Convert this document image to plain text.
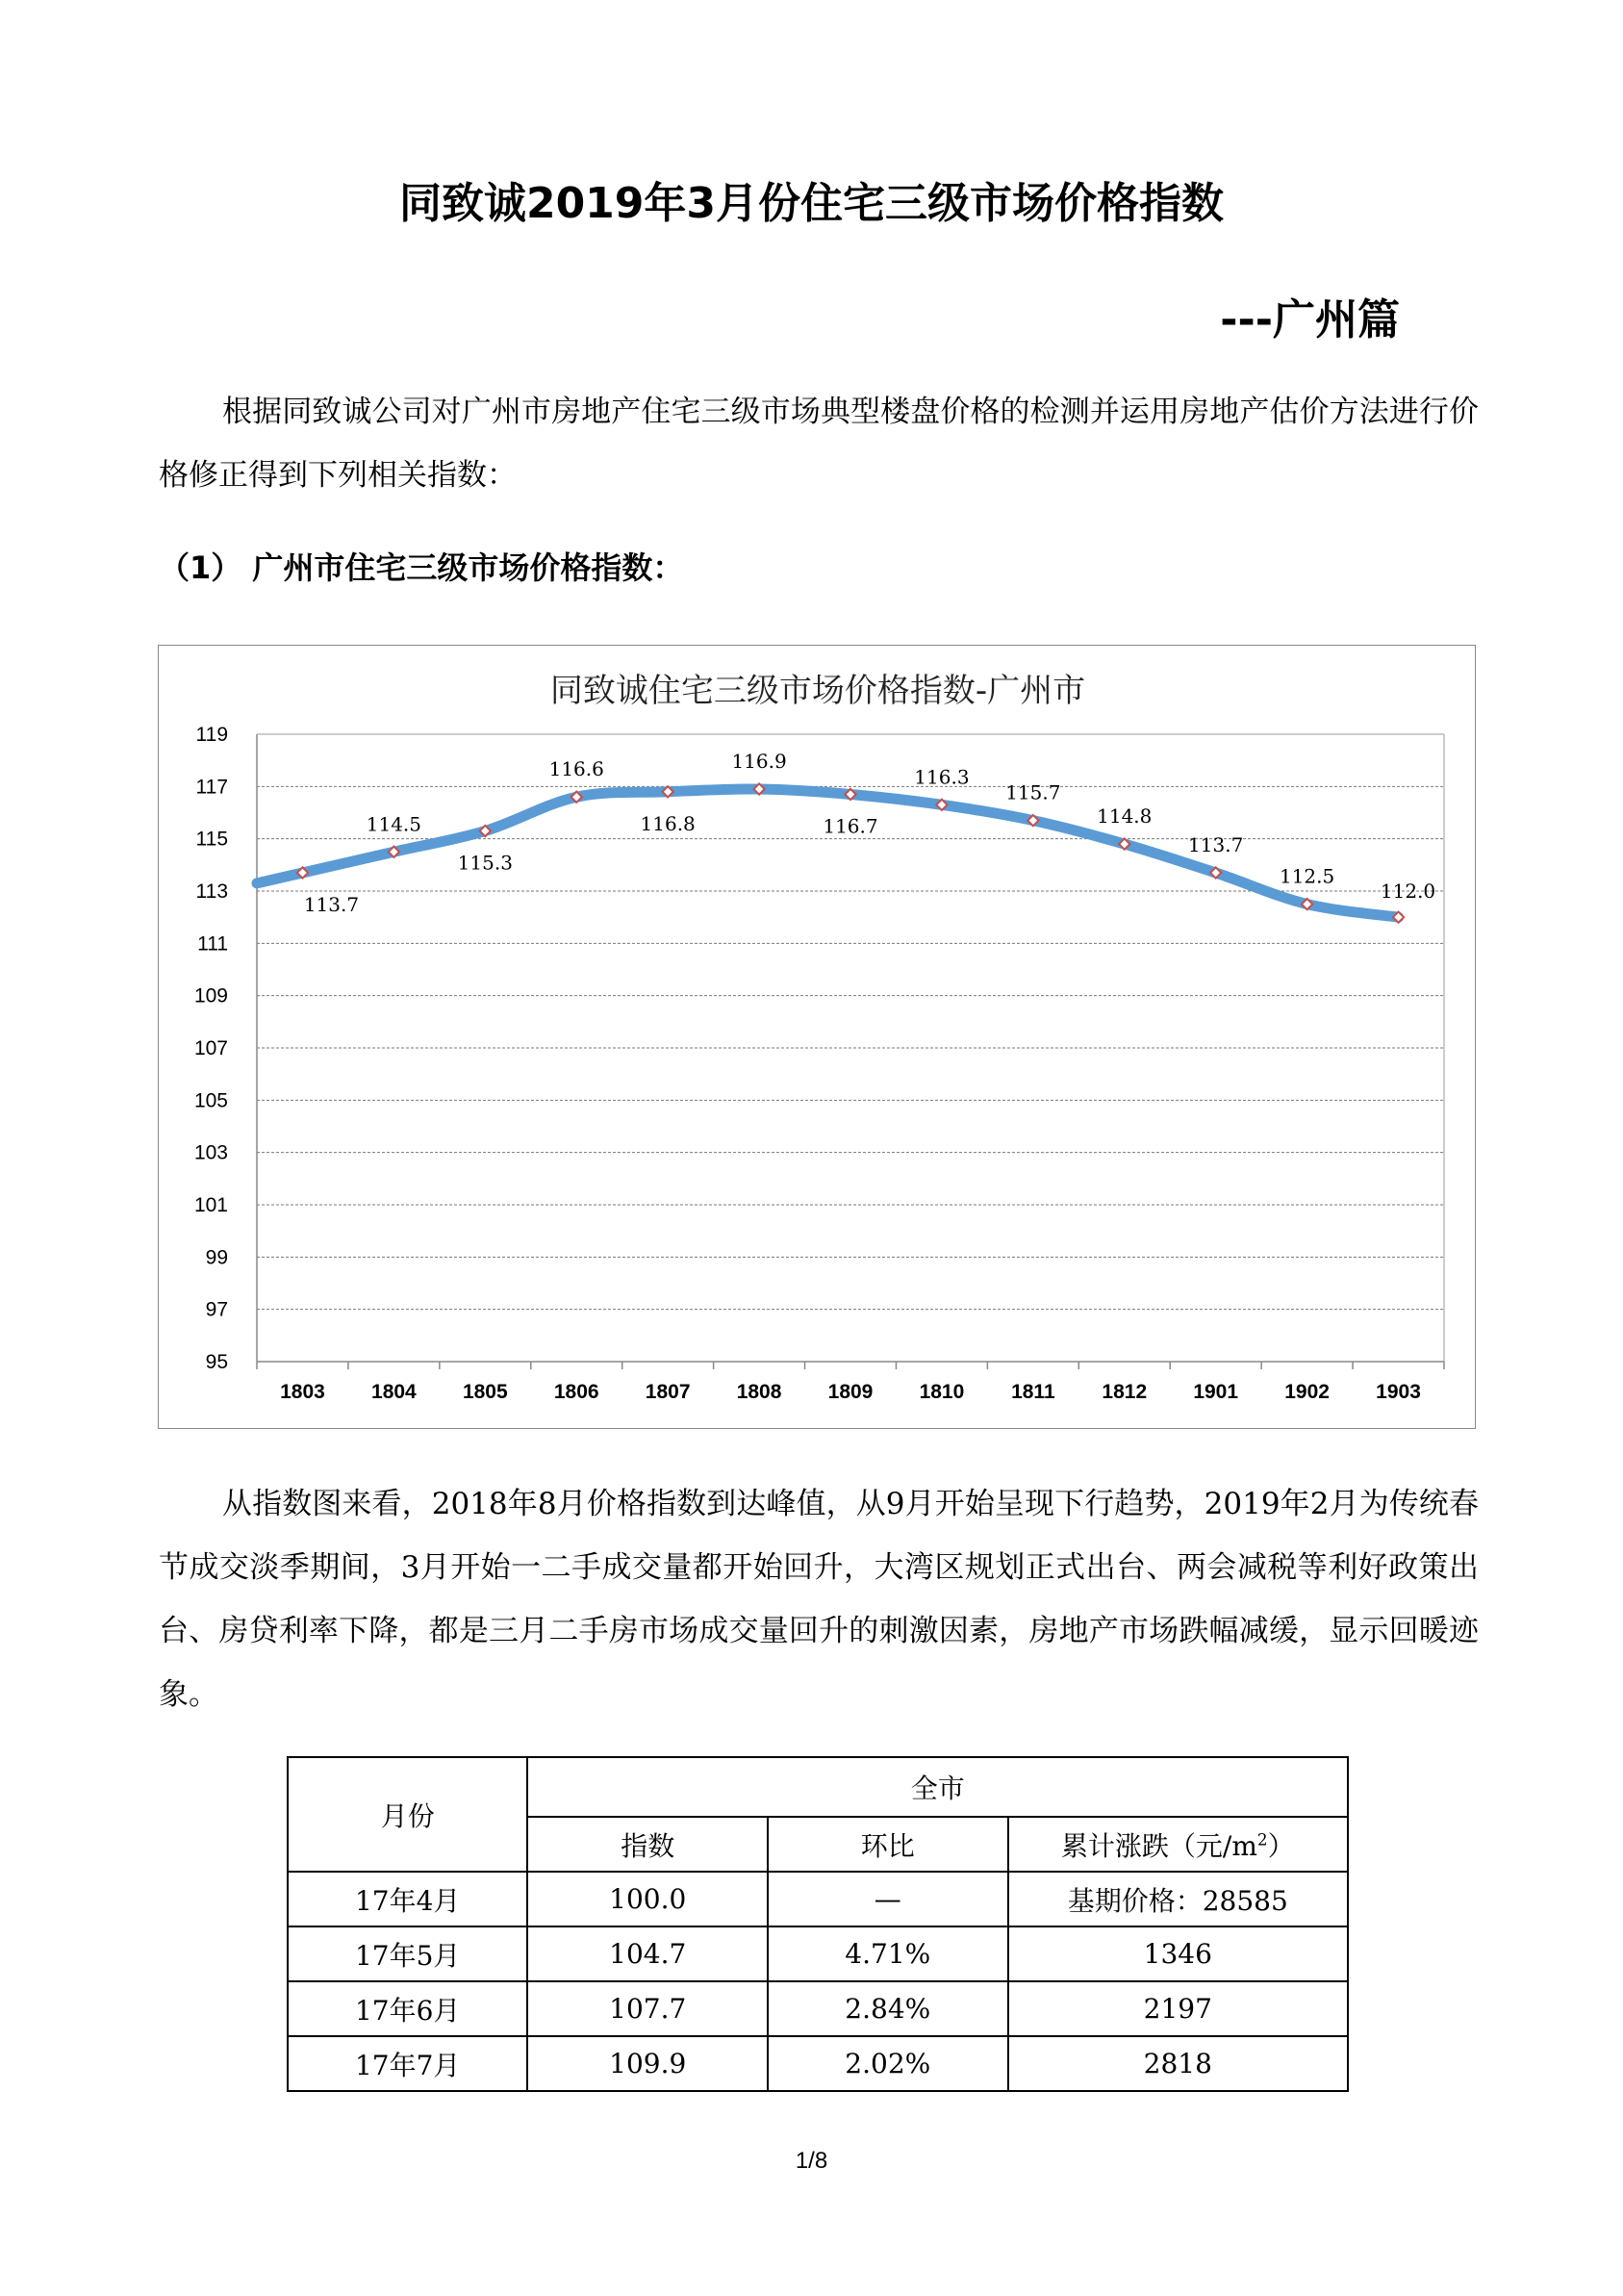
同致诚2019年3月份住宅三级市场价格指数
---广州篇

根据同致诚公司对广州市房地产住宅三级市场典型楼盘价格的检测并运用房地产估价方法进行价格修正得到下列相关指数：

（1） 广州市住宅三级市场价格指数：
同致诚住宅三级市场价格指数-广州市
95
97
99
101
103
105
107
109
111
113
115
117
119
1803 1804 1805 1806 1807 1808 1809 1810 1811 1812 1901 1902 1903
113.7
114.5
115.3
116.6
116.8
116.9
116.7
116.3
115.7
114.8
113.7
112.5
112.0

从指数图来看，2018年8月价格指数到达峰值，从9月开始呈现下行趋势，2019年2月为传统春节成交淡季期间，3月开始一二手成交量都开始回升，大湾区规划正式出台、两会减税等利好政策出台、房贷利率下降，都是三月二手房市场成交量回升的刺激因素，房地产市场跌幅减缓，显示回暖迹象。

月份	全市		
	指数	环比	累计涨跌（元$/m^2$）
17年4月	100.0	—	基期价格：28585
17年5月	104.7	4.71%	1346
17年6月	107.7	2.84%	2197
17年7月	109.9	2.02%	2818
1/8
